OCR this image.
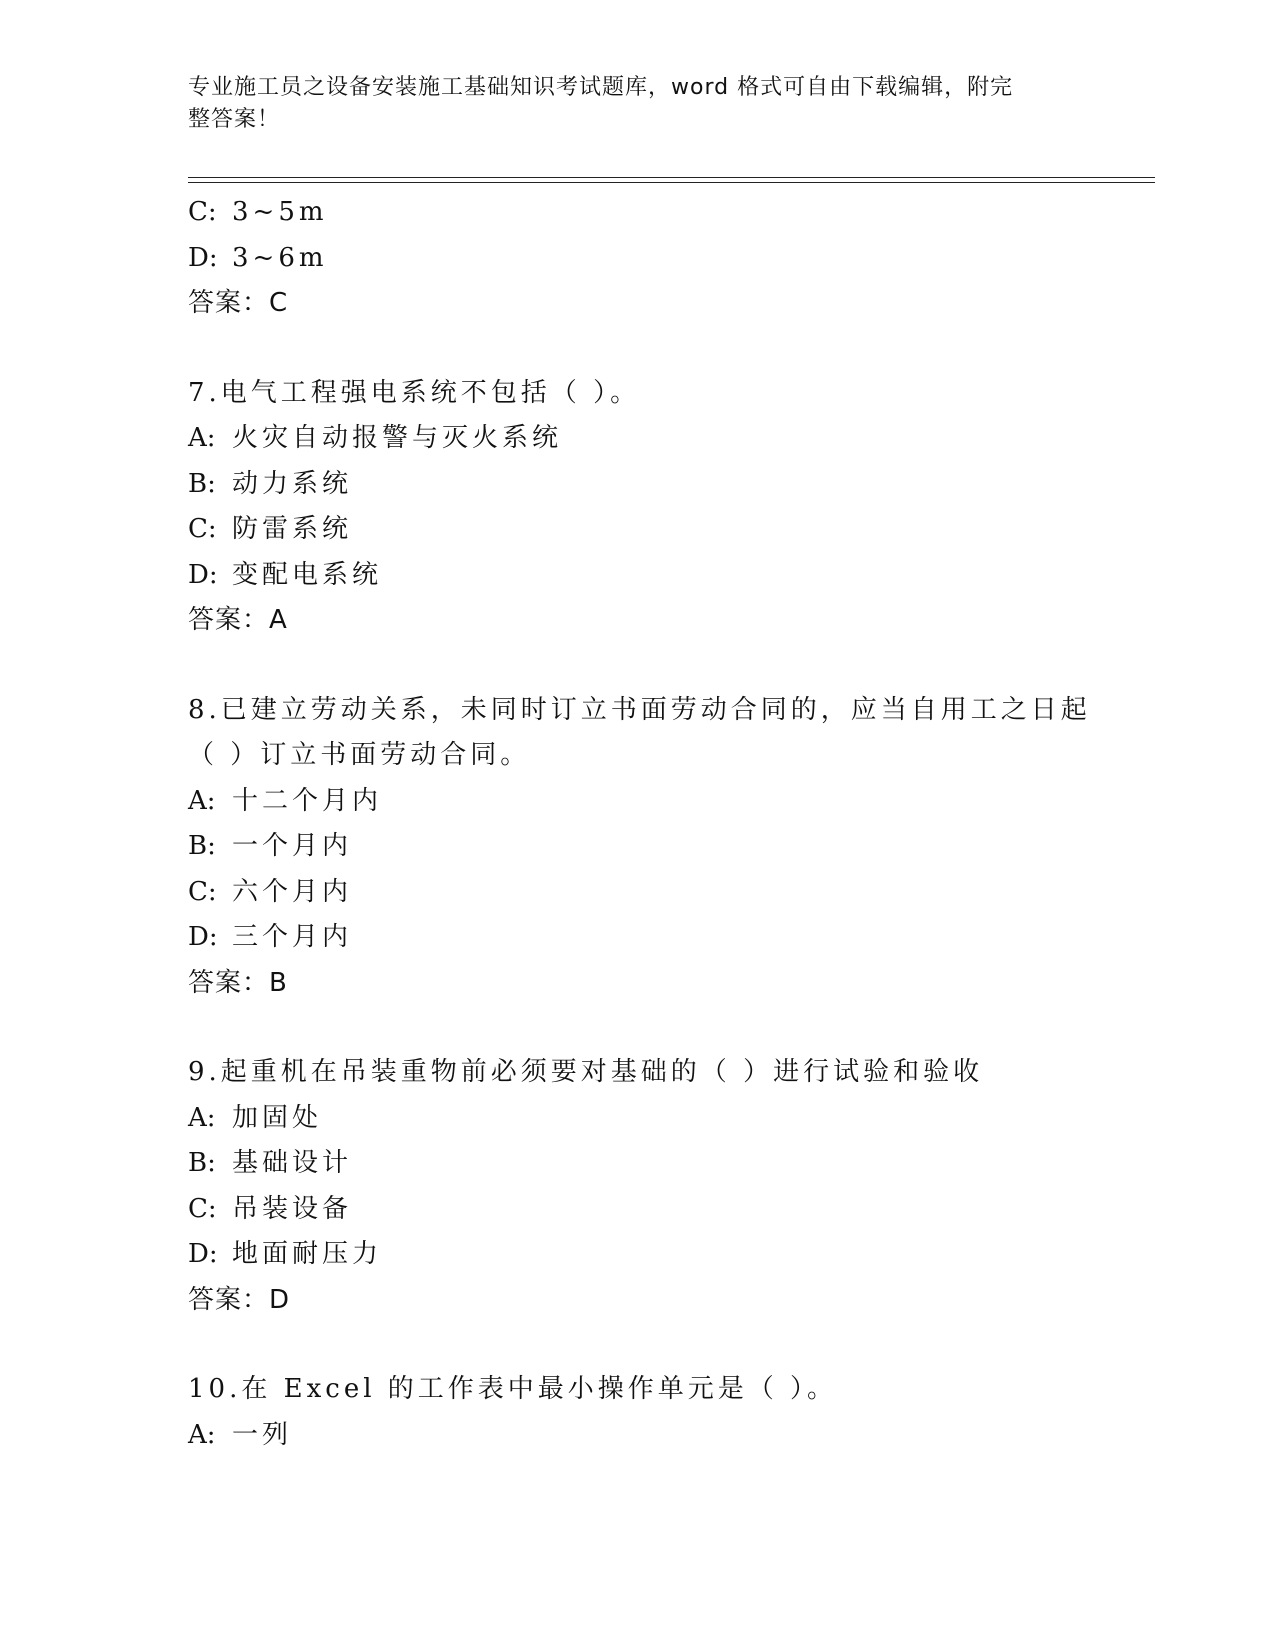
专业施工员之设备安装施工基础知识考试题库，word 格式可自由下载编辑，附完
整答案！
C: 3~5m
D: 3~6m
答案：C
7.电气工程强电系统不包括（ ）。
A: 火灾自动报警与灭火系统
B: 动力系统
C: 防雷系统
D: 变配电系统
答案：A
8.已建立劳动关系，未同时订立书面劳动合同的，应当自用工之日起
（ ）订立书面劳动合同。
A: 十二个月内
B: 一个月内
C: 六个月内
D: 三个月内
答案：B
9.起重机在吊装重物前必须要对基础的（ ）进行试验和验收
A: 加固处
B: 基础设计
C: 吊装设备
D: 地面耐压力
答案：D
10.在 Excel 的工作表中最小操作单元是（ ）。
A: 一列
